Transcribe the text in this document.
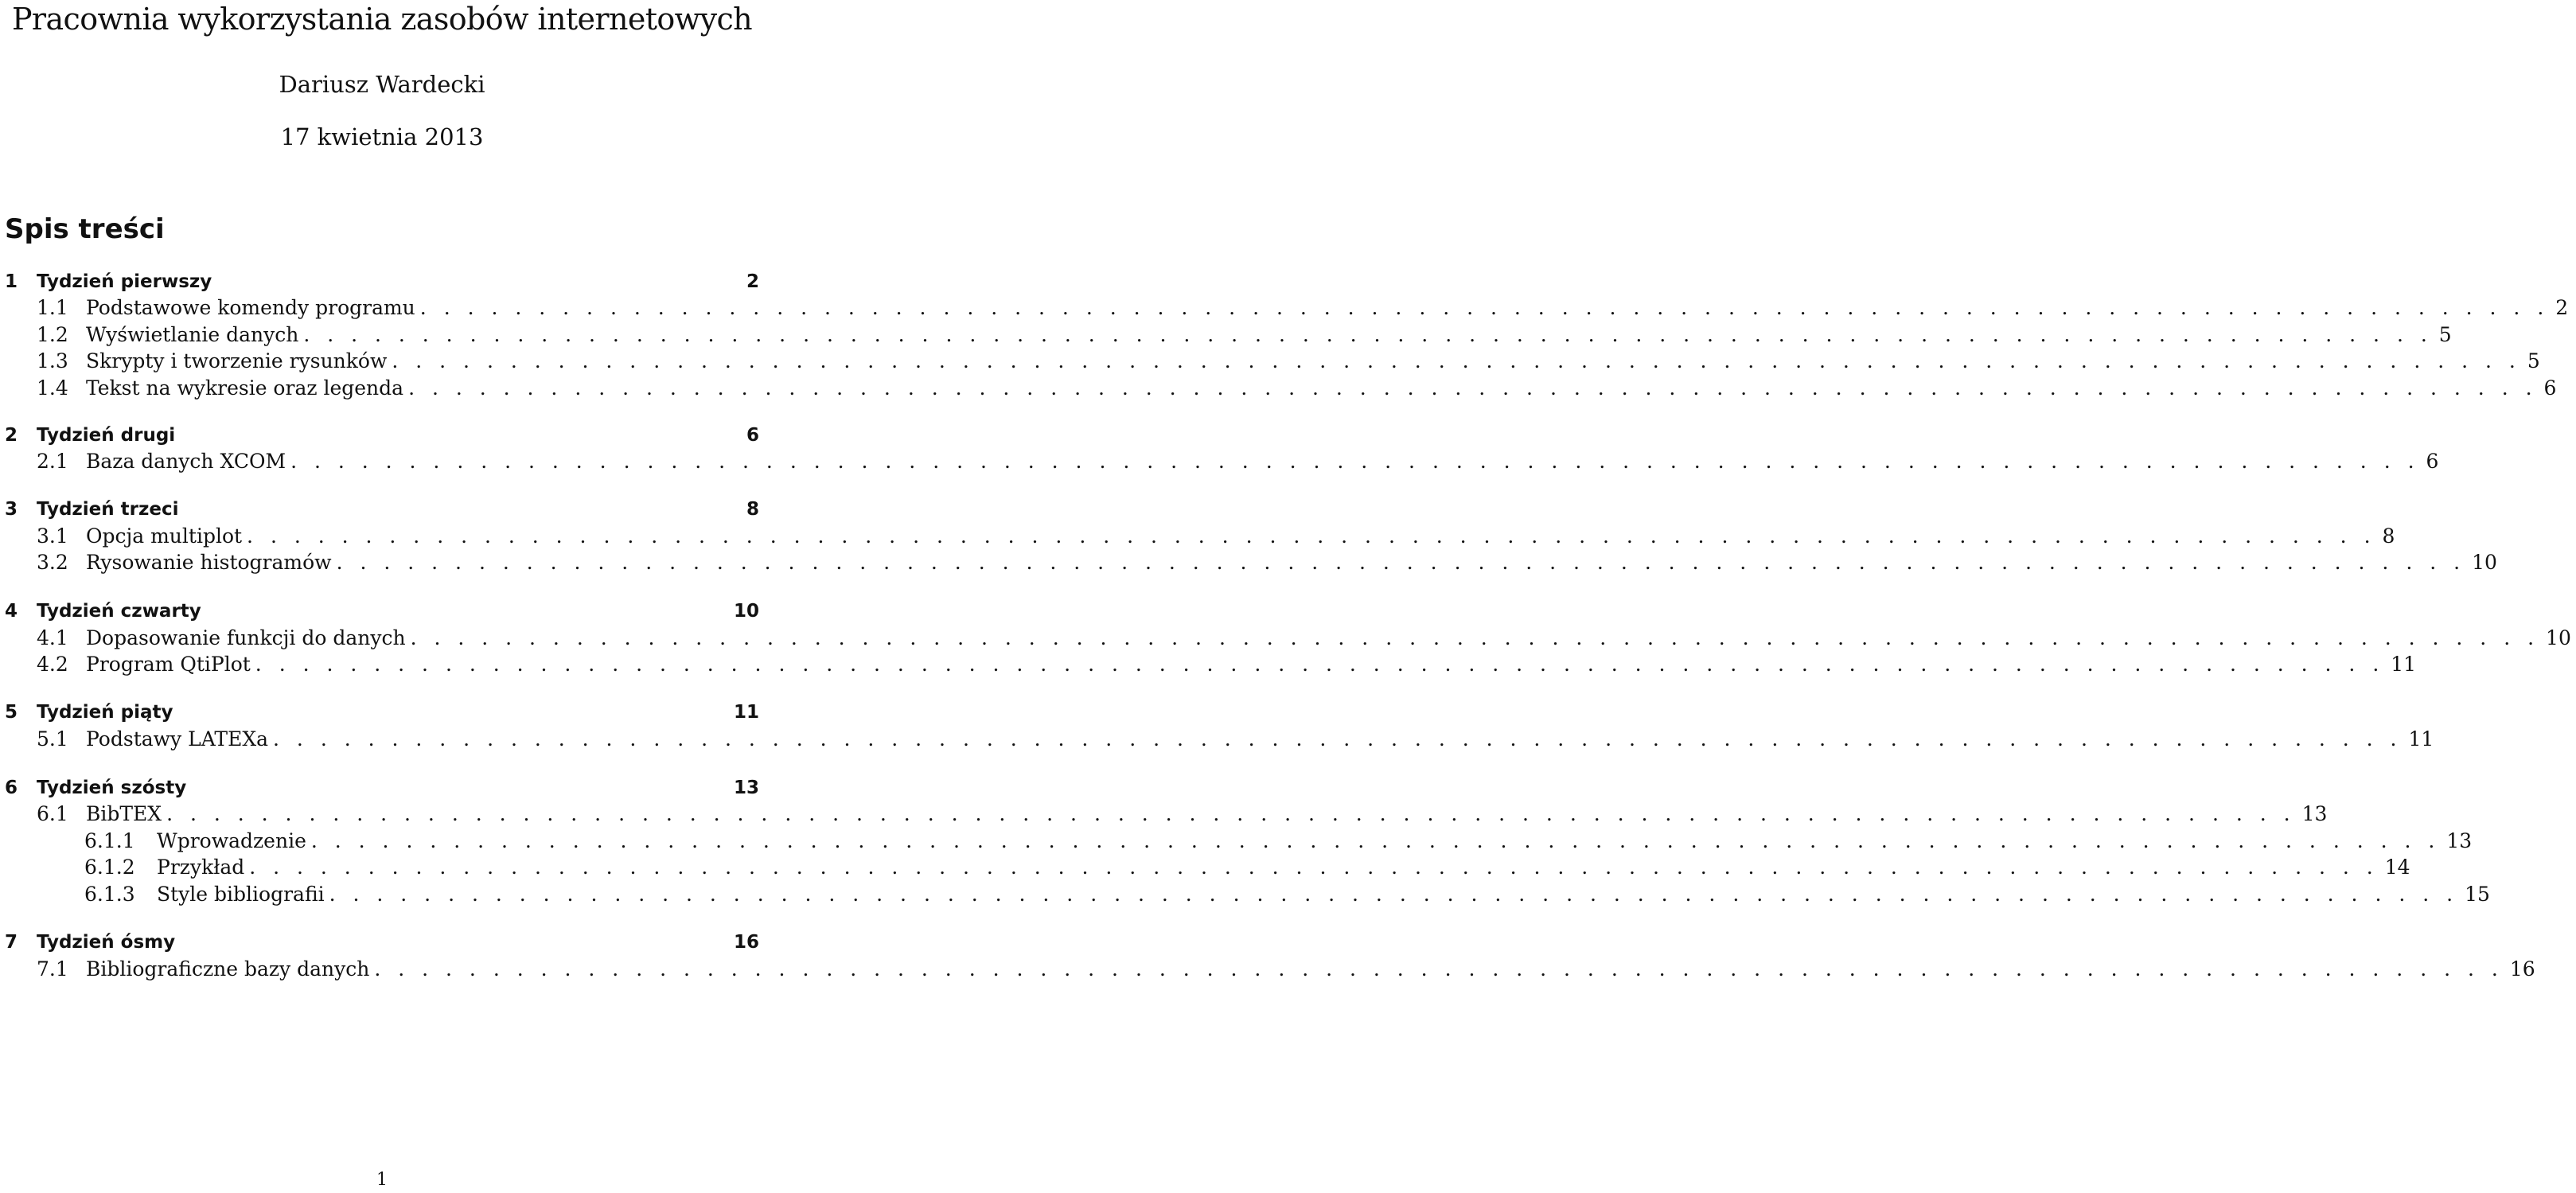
Pracownia wykorzystania zasobów internetowych
Dariusz Wardecki
17 kwietnia 2013
Spis treści
1 Tydzień pierwszy	2
1.1 Podstawowe komendy programu . . . . . . . . . . . . . . . . . . . . . . . . . . . . . . . . . . . . . . . . . . . . . . . . . . . . . . . . . . . . . . . . . . . . . . . . . . . . . . . . . . . . . . . . . . 2
1.2 Wyświetlanie danych . . . . . . . . . . . . . . . . . . . . . . . . . . . . . . . . . . . . . . . . . . . . . . . . . . . . . . . . . . . . . . . . . . . . . . . . . . . . . . . . . . . . . . . . . . 5
1.3 Skrypty i tworzenie rysunków . . . . . . . . . . . . . . . . . . . . . . . . . . . . . . . . . . . . . . . . . . . . . . . . . . . . . . . . . . . . . . . . . . . . . . . . . . . . . . . . . . . . . . . . . . 5
1.4 Tekst na wykresie oraz legenda . . . . . . . . . . . . . . . . . . . . . . . . . . . . . . . . . . . . . . . . . . . . . . . . . . . . . . . . . . . . . . . . . . . . . . . . . . . . . . . . . . . . . . . . . . 6
2 Tydzień drugi	6
2.1 Baza danych XCOM . . . . . . . . . . . . . . . . . . . . . . . . . . . . . . . . . . . . . . . . . . . . . . . . . . . . . . . . . . . . . . . . . . . . . . . . . . . . . . . . . . . . . . . . . . 6
3 Tydzień trzeci	8
3.1 Opcja multiplot . . . . . . . . . . . . . . . . . . . . . . . . . . . . . . . . . . . . . . . . . . . . . . . . . . . . . . . . . . . . . . . . . . . . . . . . . . . . . . . . . . . . . . . . . . 8
3.2 Rysowanie histogramów . . . . . . . . . . . . . . . . . . . . . . . . . . . . . . . . . . . . . . . . . . . . . . . . . . . . . . . . . . . . . . . . . . . . . . . . . . . . . . . . . . . . . . . . . . 10
4 Tydzień czwarty	10
4.1 Dopasowanie funkcji do danych . . . . . . . . . . . . . . . . . . . . . . . . . . . . . . . . . . . . . . . . . . . . . . . . . . . . . . . . . . . . . . . . . . . . . . . . . . . . . . . . . . . . . . . . . . 10
4.2 Program QtiPlot . . . . . . . . . . . . . . . . . . . . . . . . . . . . . . . . . . . . . . . . . . . . . . . . . . . . . . . . . . . . . . . . . . . . . . . . . . . . . . . . . . . . . . . . . . 11
5 Tydzień piąty	11
5.1 Podstawy LATEXa . . . . . . . . . . . . . . . . . . . . . . . . . . . . . . . . . . . . . . . . . . . . . . . . . . . . . . . . . . . . . . . . . . . . . . . . . . . . . . . . . . . . . . . . . . 11
6 Tydzień szósty	13
6.1 BibTEX . . . . . . . . . . . . . . . . . . . . . . . . . . . . . . . . . . . . . . . . . . . . . . . . . . . . . . . . . . . . . . . . . . . . . . . . . . . . . . . . . . . . . . . . . . 13
6.1.1 Wprowadzenie . . . . . . . . . . . . . . . . . . . . . . . . . . . . . . . . . . . . . . . . . . . . . . . . . . . . . . . . . . . . . . . . . . . . . . . . . . . . . . . . . . . . . . . . . . 13
6.1.2 Przykład . . . . . . . . . . . . . . . . . . . . . . . . . . . . . . . . . . . . . . . . . . . . . . . . . . . . . . . . . . . . . . . . . . . . . . . . . . . . . . . . . . . . . . . . . . 14
6.1.3 Style bibliografii . . . . . . . . . . . . . . . . . . . . . . . . . . . . . . . . . . . . . . . . . . . . . . . . . . . . . . . . . . . . . . . . . . . . . . . . . . . . . . . . . . . . . . . . . . 15
7 Tydzień ósmy	16
7.1 Bibliograficzne bazy danych . . . . . . . . . . . . . . . . . . . . . . . . . . . . . . . . . . . . . . . . . . . . . . . . . . . . . . . . . . . . . . . . . . . . . . . . . . . . . . . . . . . . . . . . . . 16
1
